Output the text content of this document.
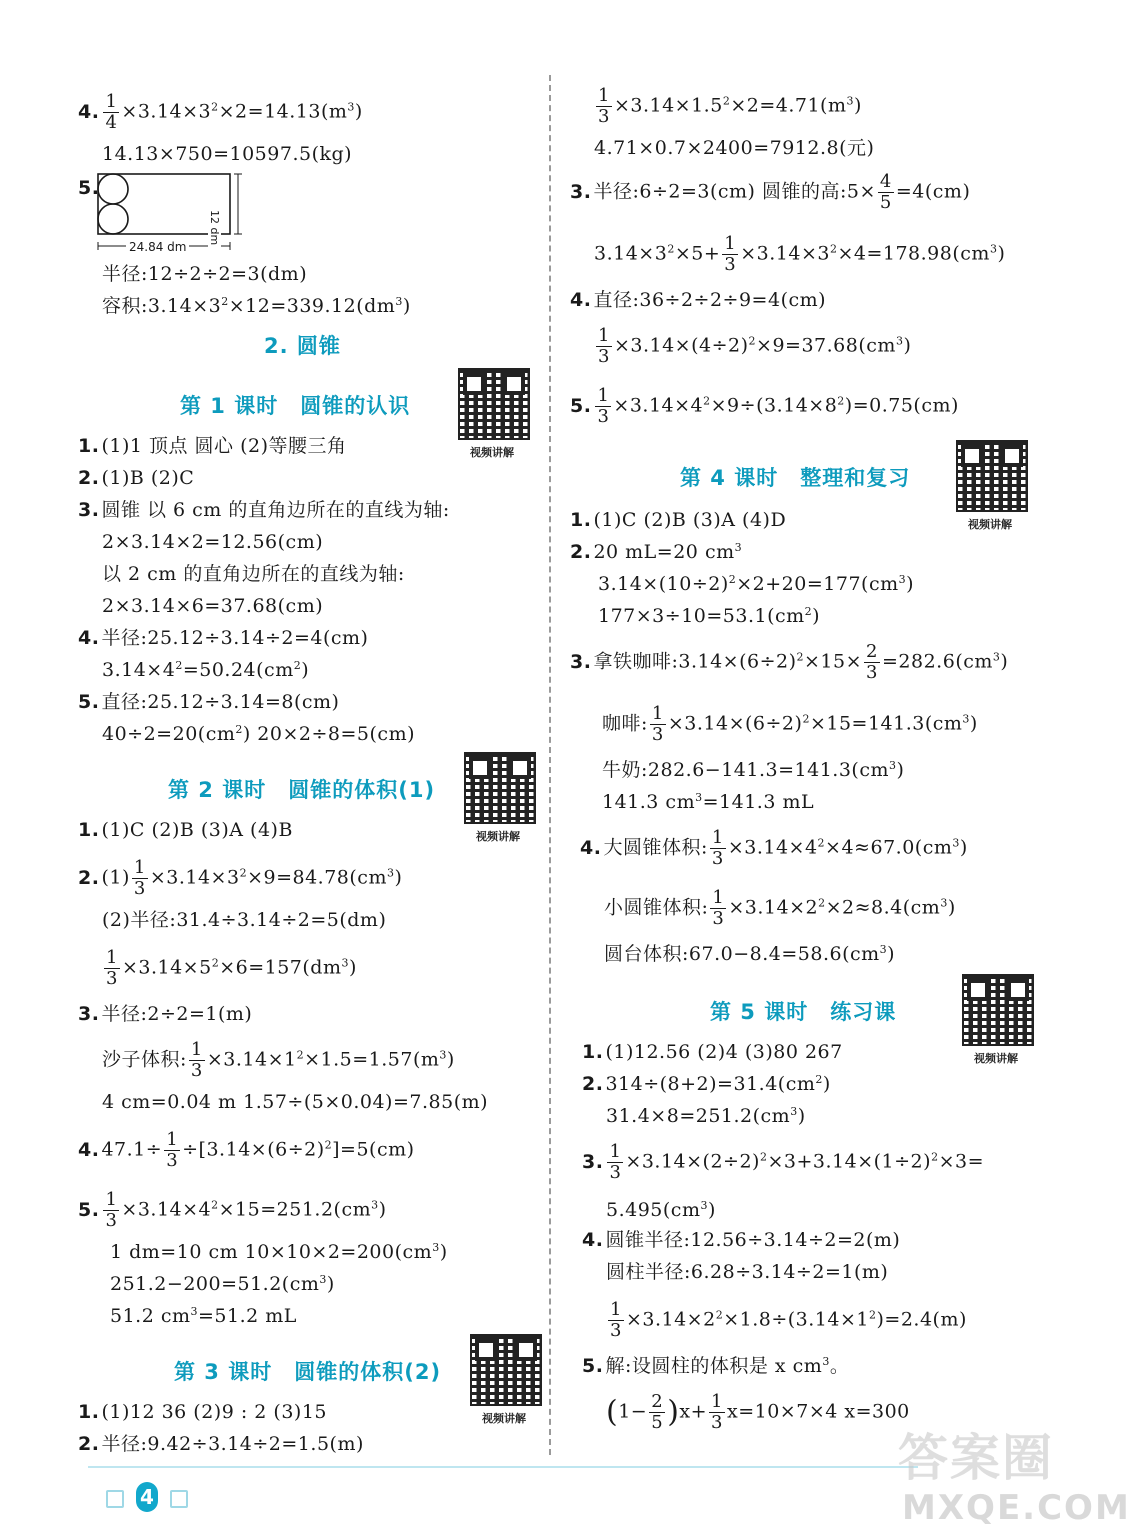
4. $\frac{1}{4} \times 3.14\times 3^2\times 2=14.13(m^3)$
14.13×750=10597.5(kg)
5.
12 dm
24.84 dm
半径:12÷2÷2=3(dm)
容积$:3.14\times 3^2\times 12=339.12(dm^3)$
2. 圆锥
第 1 课时 圆锥的认识
视频讲解
1. (1)1 顶点 圆心 (2)等腰三角
2. (1)B (2)C
3. 圆锥 以 6 cm 的直角边所在的直线为轴:
2×3.14×2=12.56(cm)
以 2 cm 的直角边所在的直线为轴:
2×3.14×6=37.68(cm)
4. 半径:25.12÷3.14÷2=4(cm)
$3.14\times 4^2=50.24(cm^2)$
5. 直径:25.12÷3.14=8(cm)
$40\div 2=20(cm^2)$ 20×2÷8=5(cm)
第 2 课时 圆锥的体积(1)
视频讲解
1. (1)C (2)B (3)A (4)B
2. $(1) \frac{1}{3} \times 3.14\times 3^2\times 9=84.78(cm^3)$
(2)半径:31.4÷3.14÷2=5(dm)
$\frac{1}{3} \times 3.14\times 5^2\times 6=157(dm^3)$
3. 半径:2÷2=1(m)
沙子体积: $\frac{1}{3} \times 3.14\times 1^2\times 1.5=1.57(m^3)$
4 cm=0.04 m 1.57÷(5×0.04)=7.85(m)
4. $47.1\div \frac{1}{3} \div[3.14\times(6\div 2)^2]=5(cm)$
5. $\frac{1}{3} \times 3.14\times 4^2\times 15=251.2(cm^3)$
1 dm=10 cm $10\times 10\times 2=200(cm^3)$
$251.2-200=51.2(cm^3)$
51.2 $cm^3=51.2$ mL
第 3 课时 圆锥的体积(2)
视频讲解
1. (1)12 36 (2)9 : 2 (3)15
2. 半径:9.42÷3.14÷2=1.5(m)
$\frac{1}{3} \times 3.14\times 1.5^2\times 2=4.71(m^3)$
4.71×0.7×2400=7912.8(元)
3. 半径:6÷2=3(cm) 圆锥的高:5× $\frac{4}{5} =4(cm)$
$3.14\times 3^2\times 5+ \frac{1}{3} \times 3.14\times 3^2\times 4=178.98(cm^3)$
4. 直径:36÷2÷2÷9=4(cm)
$\frac{1}{3} \times 3.14\times(4\div 2)^2\times 9=37.68(cm^3)$
5. $\frac{1}{3} \times 3.14\times 4^2\times 9\div(3.14\times 8^2)=0.75(cm)$
第 4 课时 整理和复习
视频讲解
1. (1)C (2)B (3)A (4)D
2. 20 mL=20 $cm^3$
$3.14\times(10\div 2)^2\times 2+20=177(cm^3)$
$177\times 3\div 10=53.1(cm^2)$
3. 拿铁咖啡$:3.14\times(6\div 2)^2\times 15\times \frac{2}{3} =282.6(cm^3)$
咖啡: $\frac{1}{3} \times 3.14\times(6\div 2)^2\times 15=141.3(cm^3)$
牛奶$:282.6-141.3=141.3(cm^3)$
141.3 $cm^3=141.3$ mL
4. 大圆锥体积: $\frac{1}{3} \times 3.14\times 4^2\times 4\approx 67.0(cm^3)$
小圆锥体积: $\frac{1}{3} \times 3.14\times 2^2\times 2\approx 8.4(cm^3)$
圆台体积$:67.0-8.4=58.6(cm^3)$
第 5 课时 练习课
视频讲解
1. (1)12.56 (2)4 (3)80 267
2. $314\div(8+2)=31.4(cm^2)$
$31.4\times 8=251.2(cm^3)$
3. $\frac{1}{3} \times 3.14\times(2\div 2)^2\times 3+3.14\times(1\div 2)^2\times 3=$
$5.495(cm^3)$
4. 圆锥半径:12.56÷3.14÷2=2(m)
圆柱半径:6.28÷3.14÷2=1(m)
$\frac{1}{3} \times 3.14\times 2^2\times 1.8\div(3.14\times 1^2)=2.4(m)$
5. 解:设圆柱的体积是 x $cm^3$。
$(1- \frac{2}{5} )x+ \frac{1}{3} x=10\times 7\times 4$ x=300
4
答案圈
MXQE.COM
